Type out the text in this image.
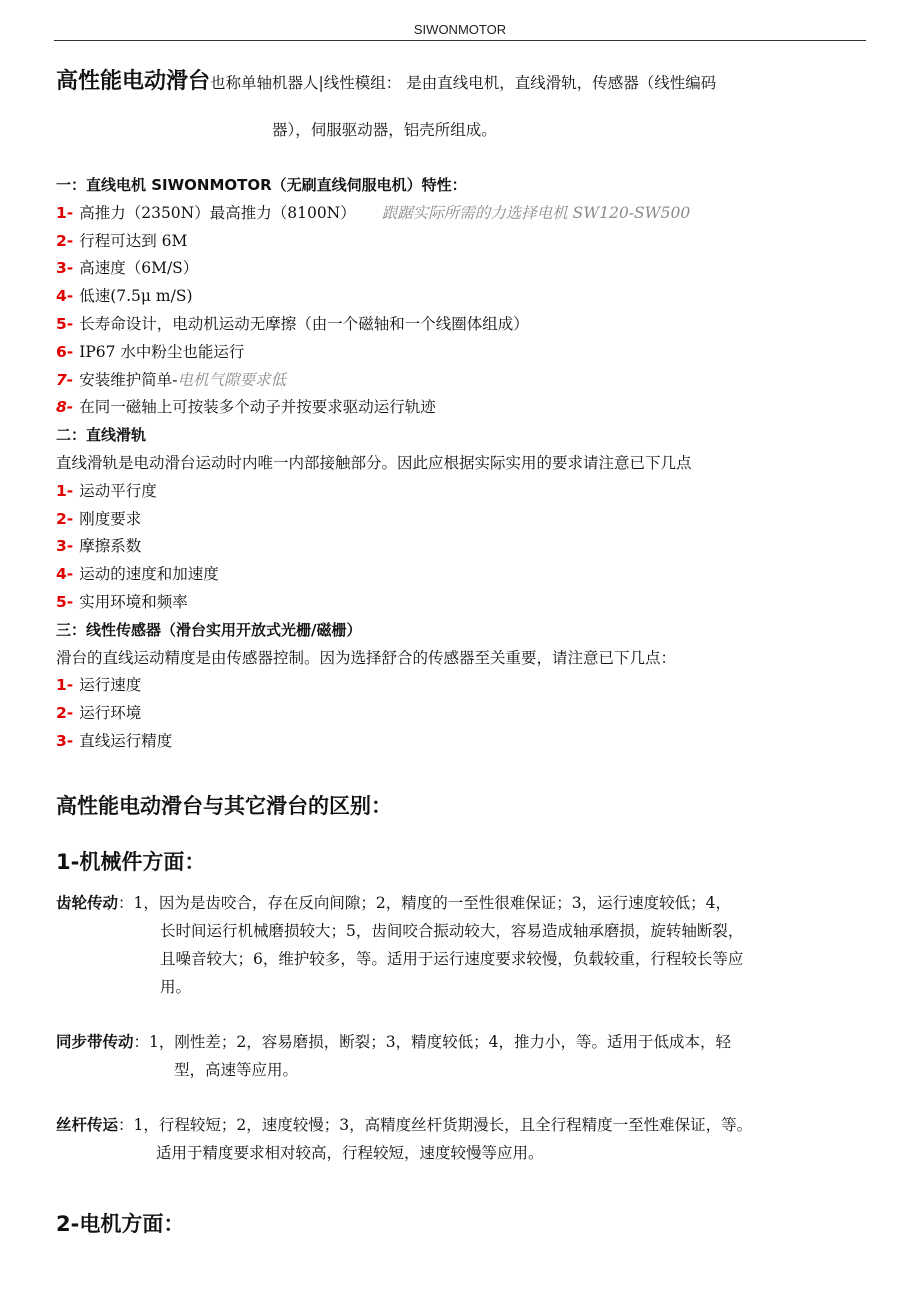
SIWONMOTOR
高性能电动滑台也称单轴机器人|线性模组： 是由直线电机，直线滑轨，传感器（线性编码
器），伺服驱动器，铝壳所组成。
一：直线电机 SIWONMOTOR（无刷直线伺服电机）特性：
1- 高推力（2350N）最高推力（8100N） 跟踞实际所需的力选择电机 SW120-SW500
2- 行程可达到 6M
3- 高速度（6M/S）
4- 低速(7.5μ m/S)
5- 长寿命设计，电动机运动无摩擦（由一个磁轴和一个线圈体组成）
6- IP67 水中粉尘也能运行
7- 安装维护简单-电机气隙要求低
8- 在同一磁轴上可按装多个动子并按要求驱动运行轨迹
二：直线滑轨
直线滑轨是电动滑台运动时内唯一内部接触部分。因此应根据实际实用的要求请注意已下几点
1- 运动平行度
2- 刚度要求
3- 摩擦系数
4- 运动的速度和加速度
5- 实用环境和频率
三：线性传感器（滑台实用开放式光栅/磁栅）
滑台的直线运动精度是由传感器控制。因为选择舒合的传感器至关重要，请注意已下几点：
1- 运行速度
2- 运行环境
3- 直线运行精度
高性能电动滑台与其它滑台的区别：
1-机械件方面：
齿轮传动：1，因为是齿咬合，存在反向间隙；2，精度的一至性很难保证；3，运行速度较低；4，
长时间运行机械磨损较大；5，齿间咬合振动较大，容易造成轴承磨损，旋转轴断裂，
且噪音较大；6，维护较多，等。适用于运行速度要求较慢，负载较重，行程较长等应
用。
同步带传动：1，刚性差；2，容易磨损，断裂；3，精度较低；4，推力小，等。适用于低成本，轻
型，高速等应用。
丝杆传运：1，行程较短；2，速度较慢；3，高精度丝杆货期漫长，且全行程精度一至性难保证，等。
适用于精度要求相对较高，行程较短，速度较慢等应用。
2-电机方面：
